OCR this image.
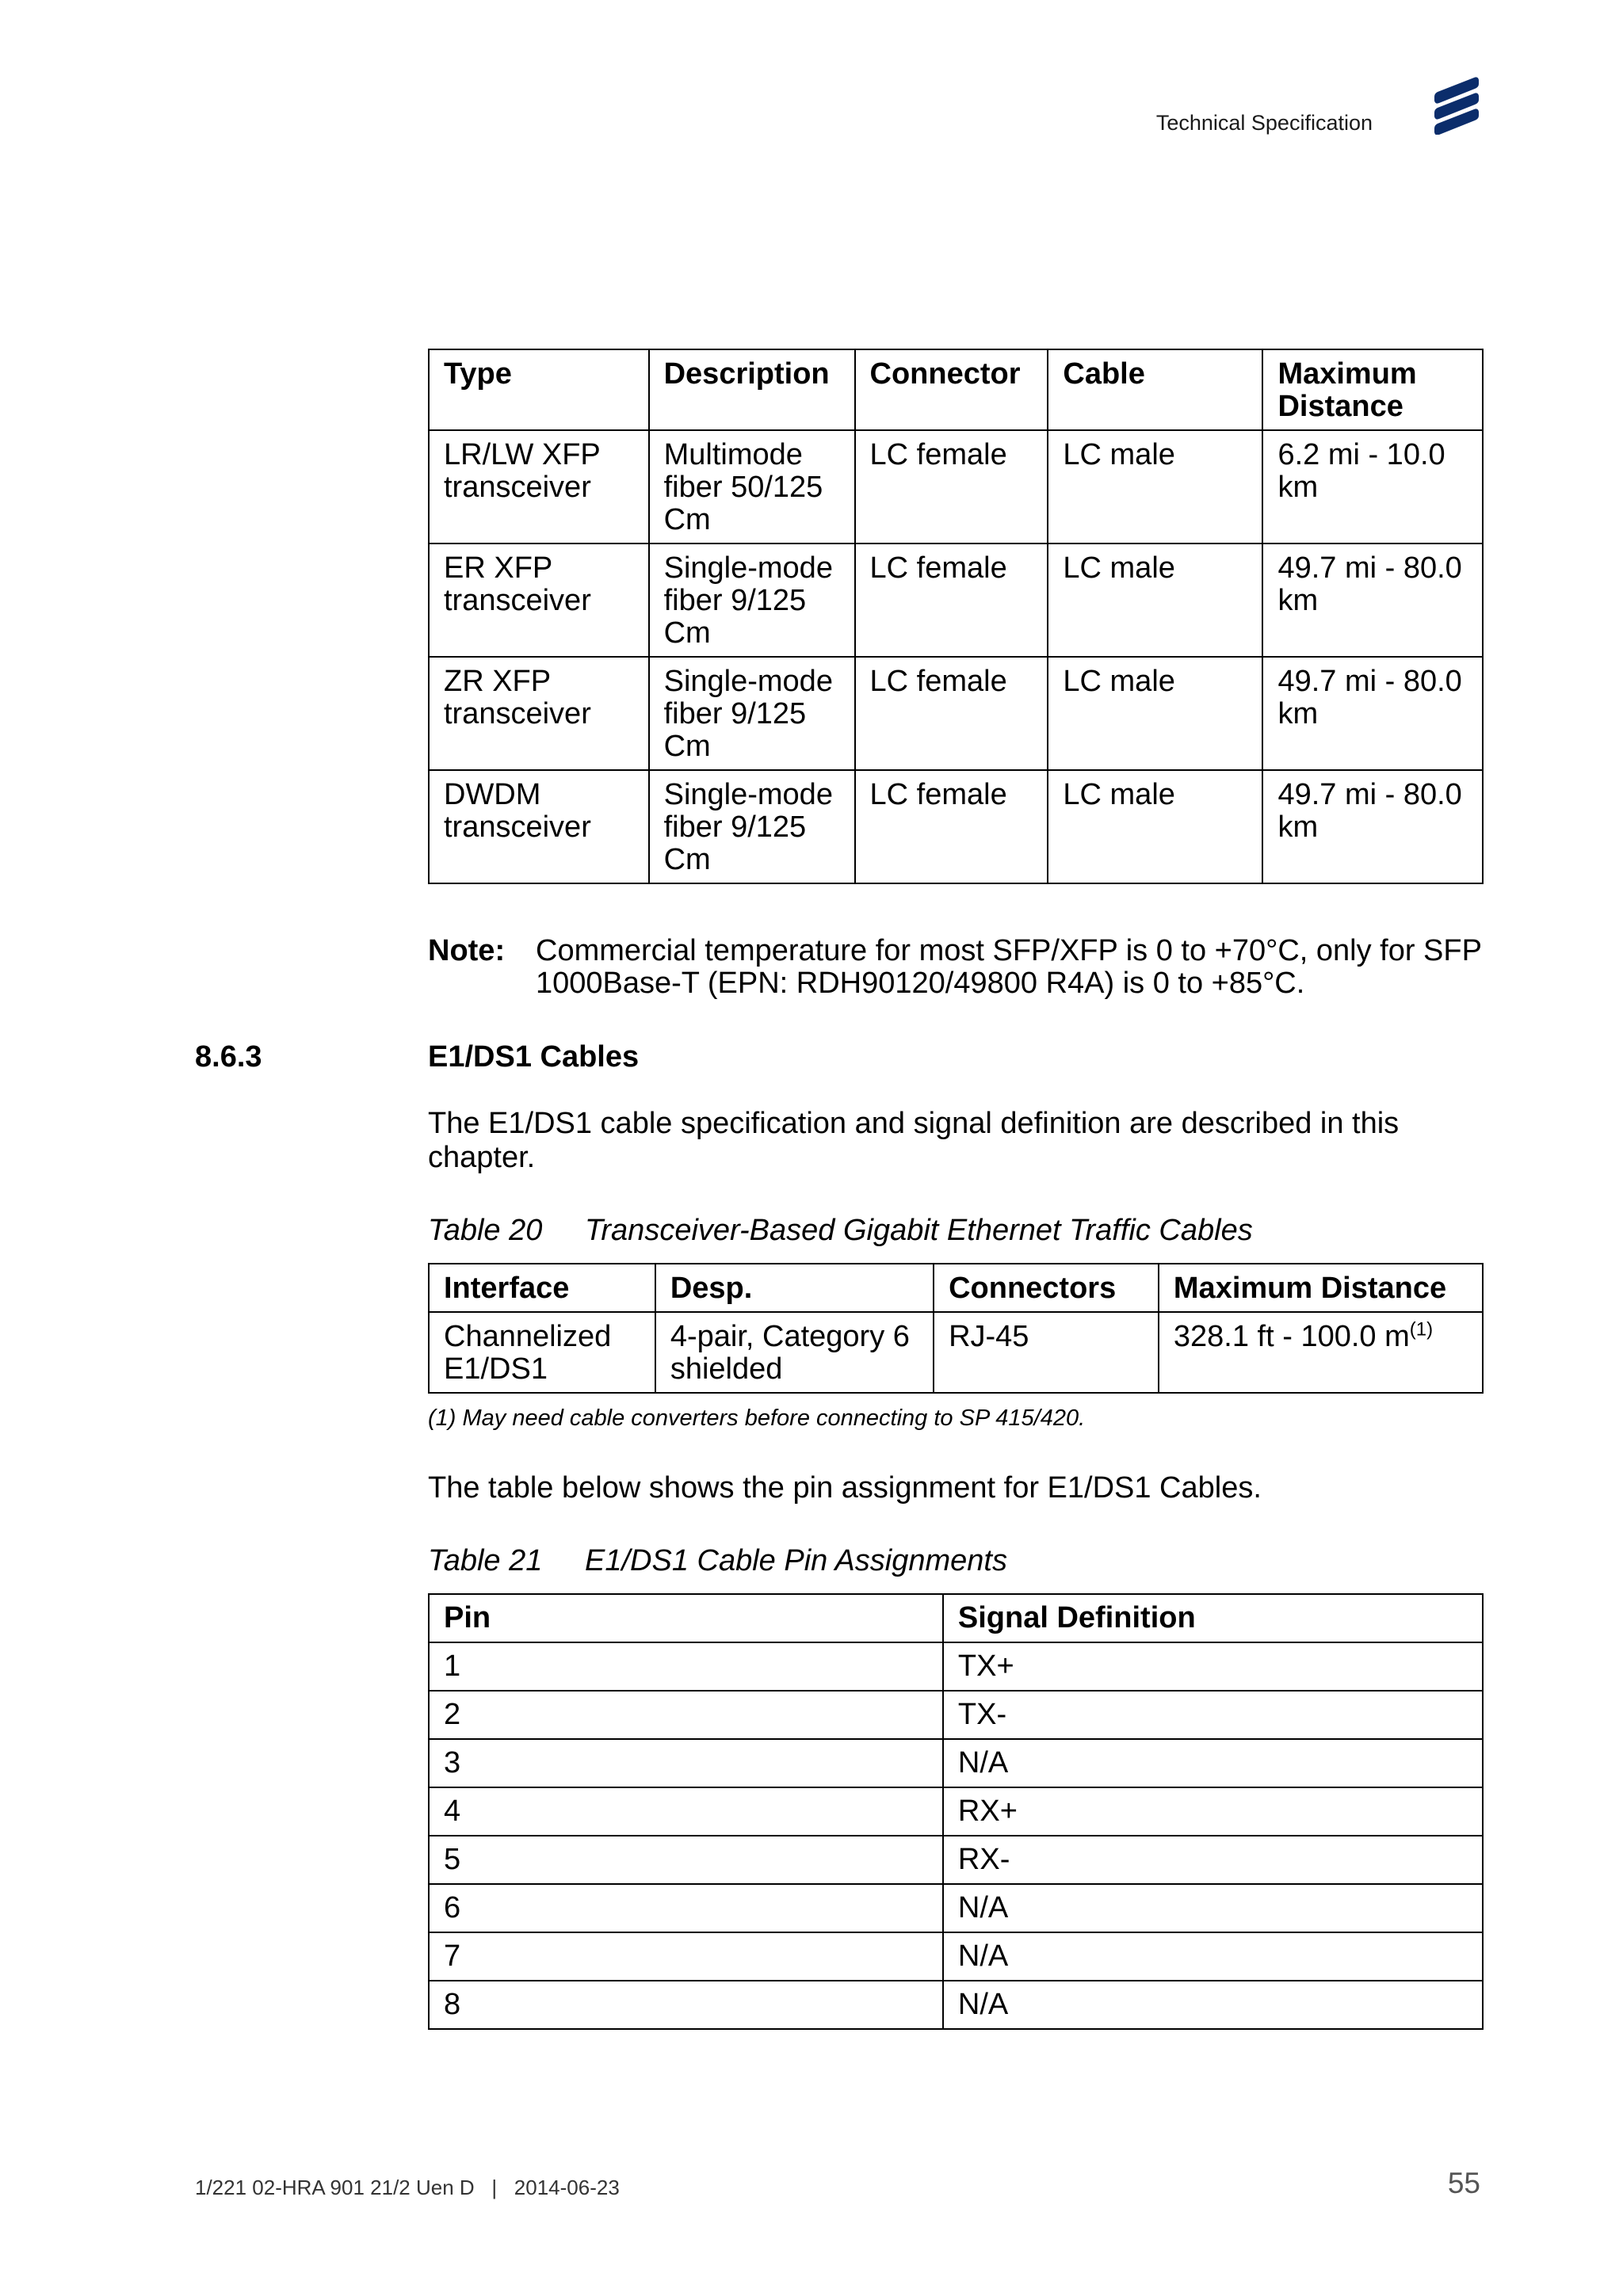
Technical Specification
Type	Description	Connector	Cable	Maximum Distance
LR/LW XFP transceiver	Multimode fiber 50/125 Cm	LC female	LC male	6.2 mi - 10.0 km
ER XFP transceiver	Single-mode fiber 9/125 Cm	LC female	LC male	49.7 mi - 80.0 km
ZR XFP transceiver	Single-mode fiber 9/125 Cm	LC female	LC male	49.7 mi - 80.0 km
DWDM transceiver	Single-mode fiber 9/125 Cm	LC female	LC male	49.7 mi - 80.0 km
Note: Commercial temperature for most SFP/XFP is 0 to +70°C, only for SFP 1000Base-T (EPN: RDH90120/49800 R4A) is 0 to +85°C.
8.6.3	E1/DS1 Cables
The E1/DS1 cable specification and signal definition are described in this chapter.
Table 20 Transceiver-Based Gigabit Ethernet Traffic Cables
Interface	Desp.	Connectors	Maximum Distance
Channelized E1/DS1	4-pair, Category 6 shielded	RJ-45	328.1 ft - 100.0 $m^{(1)}$
(1) May need cable converters before connecting to SP 415/420.
The table below shows the pin assignment for E1/DS1 Cables.
Table 21 E1/DS1 Cable Pin Assignments
Pin	Signal Definition
1	TX+
2	TX-
3	N/A
4	RX+
5	RX-
6	N/A
7	N/A
8	N/A
1/221 02-HRA 901 21/2 Uen D | 2014-06-23	55
